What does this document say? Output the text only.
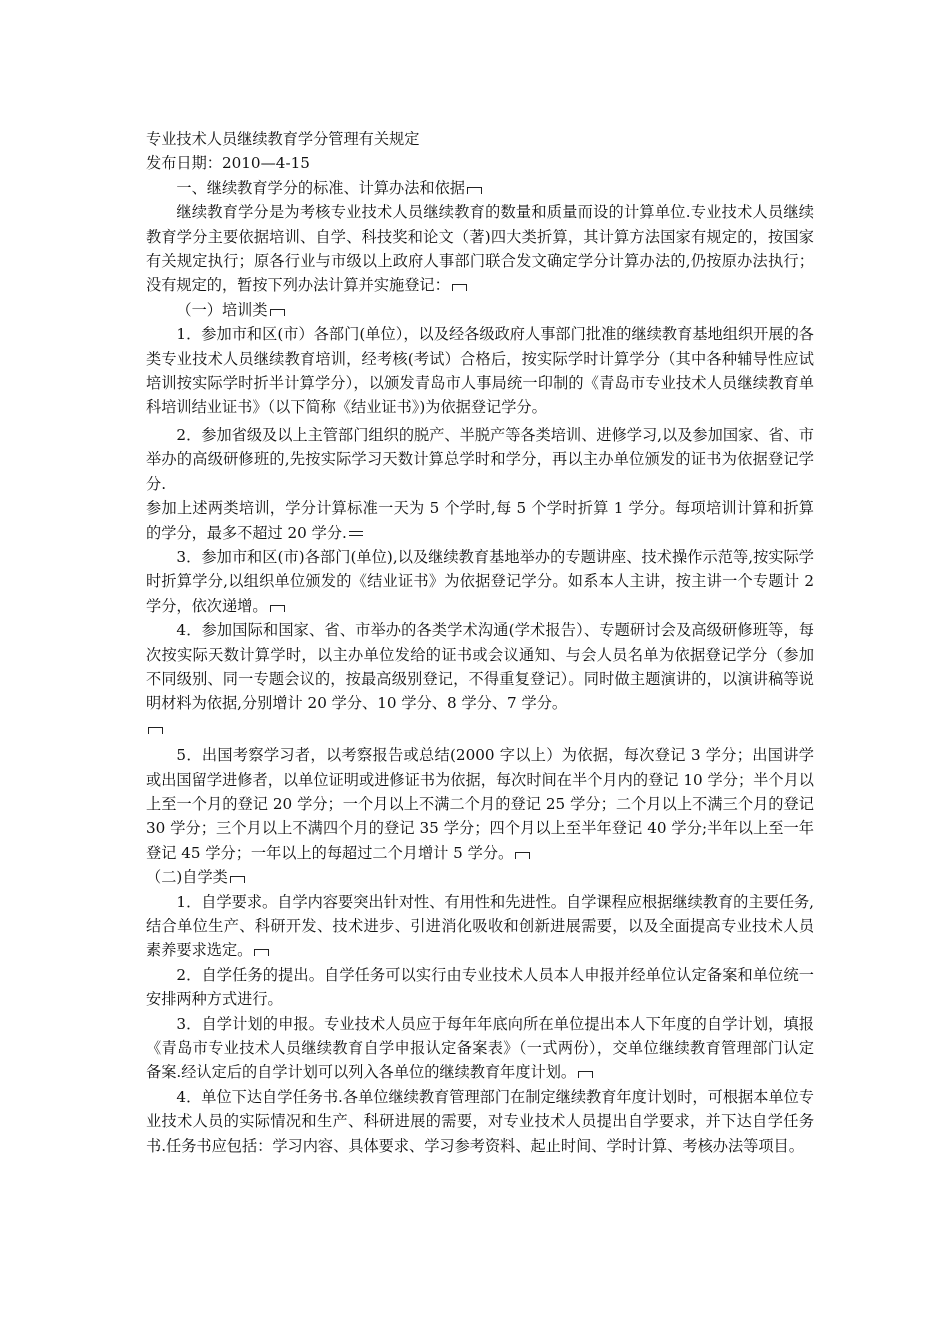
专业技术人员继续教育学分管理有关规定

发布日期：2010—4-15

一、继续教育学分的标准、计算办法和依据

继续教育学分是为考核专业技术人员继续教育的数量和质量而设的计算单位.专业技术人员继续教育学分主要依据培训、自学、科技奖和论文（著)四大类折算，其计算方法国家有规定的，按国家有关规定执行；原各行业与市级以上政府人事部门联合发文确定学分计算办法的,仍按原办法执行；没有规定的，暂按下列办法计算并实施登记：

（一）培训类

1．参加市和区(市）各部门(单位），以及经各级政府人事部门批准的继续教育基地组织开展的各类专业技术人员继续教育培训，经考核(考试）合格后，按实际学时计算学分（其中各种辅导性应试培训按实际学时折半计算学分），以颁发青岛市人事局统一印制的《青岛市专业技术人员继续教育单科培训结业证书》（以下简称《结业证书》)为依据登记学分。

2．参加省级及以上主管部门组织的脱产、半脱产等各类培训、进修学习,以及参加国家、省、市举办的高级研修班的,先按实际学习天数计算总学时和学分，再以主办单位颁发的证书为依据登记学分.

参加上述两类培训，学分计算标准一天为 5 个学时,每 5 个学时折算 1 学分。每项培训计算和折算的学分，最多不超过 20 学分.

3．参加市和区(市)各部门(单位),以及继续教育基地举办的专题讲座、技术操作示范等,按实际学时折算学分,以组织单位颁发的《结业证书》为依据登记学分。如系本人主讲，按主讲一个专题计 2 学分，依次递增。

4．参加国际和国家、省、市举办的各类学术沟通(学术报告）、专题研讨会及高级研修班等，每次按实际天数计算学时，以主办单位发给的证书或会议通知、与会人员名单为依据登记学分（参加不同级别、同一专题会议的，按最高级别登记，不得重复登记）。同时做主题演讲的，以演讲稿等说明材料为依据,分别增计 20 学分、10 学分、8 学分、7 学分。

5．出国考察学习者，以考察报告或总结(2000 字以上）为依据，每次登记 3 学分；出国讲学或出国留学进修者，以单位证明或进修证书为依据，每次时间在半个月内的登记 10 学分；半个月以上至一个月的登记 20 学分；一个月以上不满二个月的登记 25 学分；二个月以上不满三个月的登记 30 学分；三个月以上不满四个月的登记 35 学分；四个月以上至半年登记 40 学分;半年以上至一年登记 45 学分；一年以上的每超过二个月增计 5 学分。

（二)自学类

1．自学要求。自学内容要突出针对性、有用性和先进性。自学课程应根据继续教育的主要任务,结合单位生产、科研开发、技术进步、引进消化吸收和创新进展需要，以及全面提高专业技术人员素养要求选定。

2．自学任务的提出。自学任务可以实行由专业技术人员本人申报并经单位认定备案和单位统一安排两种方式进行。

3．自学计划的申报。专业技术人员应于每年年底向所在单位提出本人下年度的自学计划，填报《青岛市专业技术人员继续教育自学申报认定备案表》（一式两份），交单位继续教育管理部门认定备案.经认定后的自学计划可以列入各单位的继续教育年度计划。

4．单位下达自学任务书.各单位继续教育管理部门在制定继续教育年度计划时，可根据本单位专业技术人员的实际情况和生产、科研进展的需要，对专业技术人员提出自学要求，并下达自学任务书.任务书应包括：学习内容、具体要求、学习参考资料、起止时间、学时计算、考核办法等项目。
